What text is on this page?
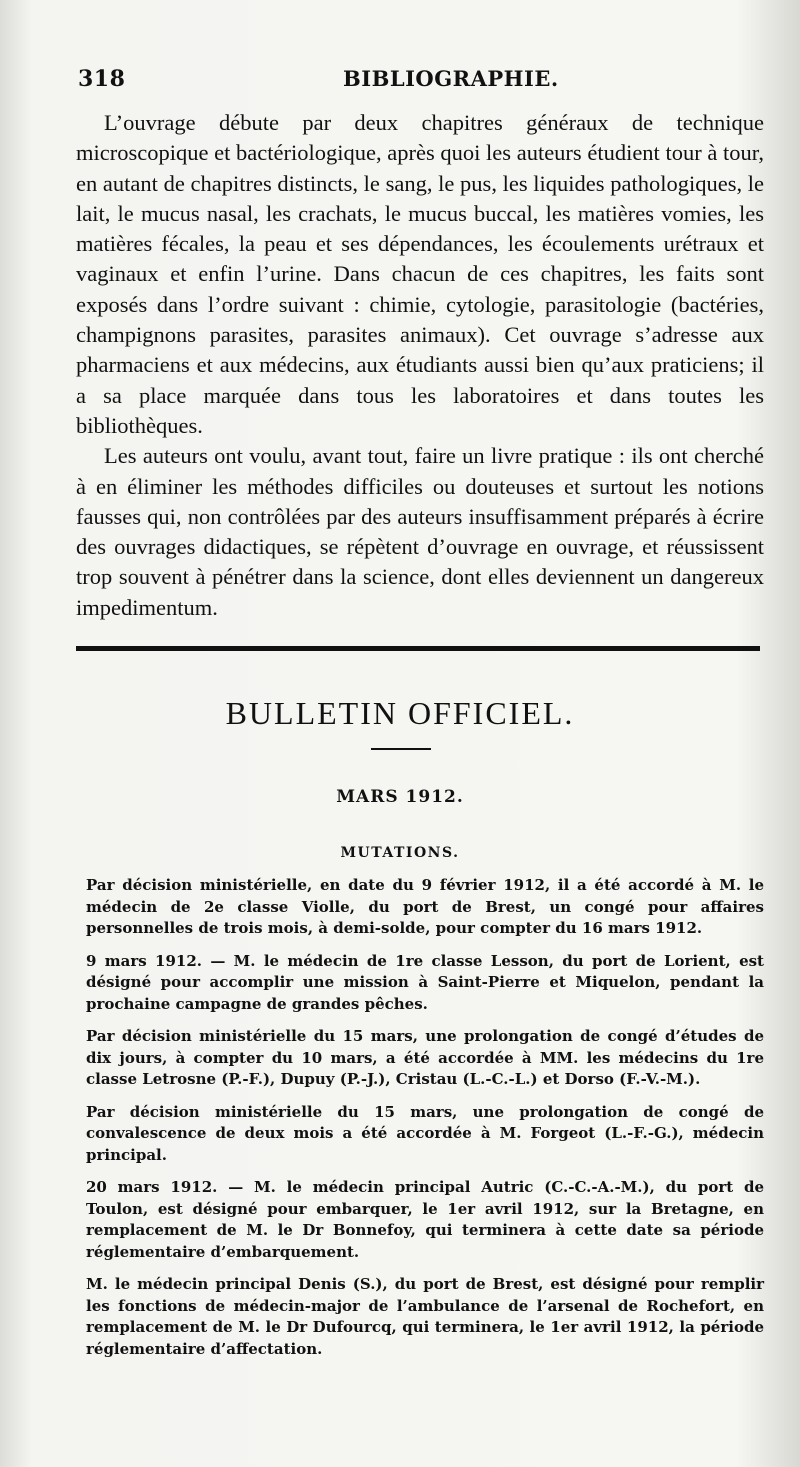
318	BIBLIOGRAPHIE.

L’ouvrage débute par deux chapitres généraux de technique microscopique et bactériologique, après quoi les auteurs étudient tour à tour, en autant de chapitres distincts, le sang, le pus, les liquides pathologiques, le lait, le mucus nasal, les crachats, le mucus buccal, les matières vomies, les matières fécales, la peau et ses dépendances, les écoulements urétraux et vaginaux et enfin l’urine. Dans chacun de ces chapitres, les faits sont exposés dans l’ordre suivant : chimie, cytologie, parasitologie (bactéries, champignons parasites, parasites animaux). Cet ouvrage s’adresse aux pharmaciens et aux médecins, aux étudiants aussi bien qu’aux praticiens; il a sa place marquée dans tous les laboratoires et dans toutes les bibliothèques.

Les auteurs ont voulu, avant tout, faire un livre pratique : ils ont cherché à en éliminer les méthodes difficiles ou douteuses et surtout les notions fausses qui, non contrôlées par des auteurs insuffisamment préparés à écrire des ouvrages didactiques, se répètent d’ouvrage en ouvrage, et réussissent trop souvent à pénétrer dans la science, dont elles deviennent un dangereux impedimentum.

BULLETIN OFFICIEL.
MARS 1912.
MUTATIONS.

Par décision ministérielle, en date du 9 février 1912, il a été accordé à M. le médecin de 2e classe Violle, du port de Brest, un congé pour affaires personnelles de trois mois, à demi-solde, pour compter du 16 mars 1912.

9 mars 1912. — M. le médecin de 1re classe Lesson, du port de Lorient, est désigné pour accomplir une mission à Saint-Pierre et Miquelon, pendant la prochaine campagne de grandes pêches.

Par décision ministérielle du 15 mars, une prolongation de congé d’études de dix jours, à compter du 10 mars, a été accordée à MM. les médecins du 1re classe Letrosne (P.-F.), Dupuy (P.-J.), Cristau (L.-C.-L.) et Dorso (F.-V.-M.).

Par décision ministérielle du 15 mars, une prolongation de congé de convalescence de deux mois a été accordée à M. Forgeot (L.-F.-G.), médecin principal.

20 mars 1912. — M. le médecin principal Autric (C.-C.-A.-M.), du port de Toulon, est désigné pour embarquer, le 1er avril 1912, sur la Bretagne, en remplacement de M. le Dr Bonnefoy, qui terminera à cette date sa période réglementaire d’embarquement.

M. le médecin principal Denis (S.), du port de Brest, est désigné pour remplir les fonctions de médecin-major de l’ambulance de l’arsenal de Rochefort, en remplacement de M. le Dr Dufourcq, qui terminera, le 1er avril 1912, la période réglementaire d’affectation.
